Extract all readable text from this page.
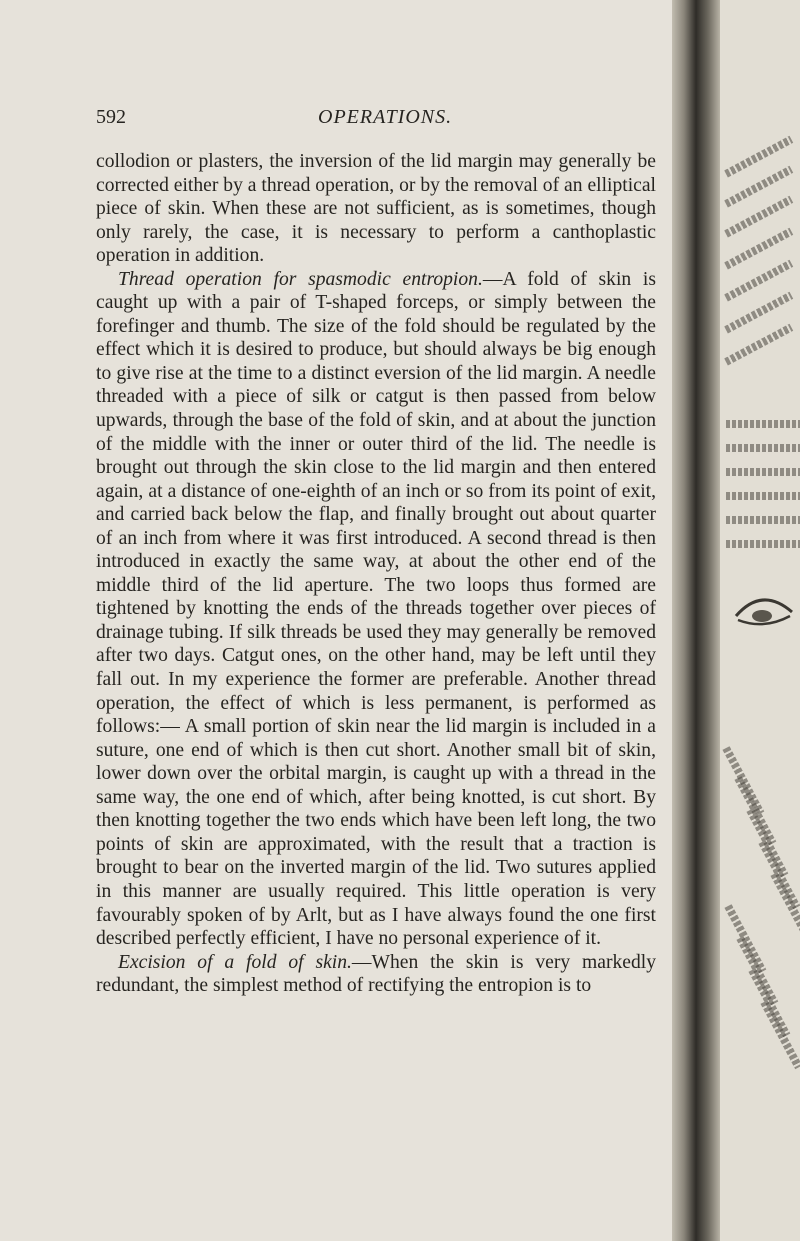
592	OPERATIONS.

collodion or plasters, the inversion of the lid margin may generally be corrected either by a thread operation, or by the removal of an elliptical piece of skin. When these are not sufficient, as is sometimes, though only rarely, the case, it is necessary to perform a canthoplastic operation in addition.

Thread operation for spasmodic entropion.—A fold of skin is caught up with a pair of T-shaped forceps, or simply between the forefinger and thumb. The size of the fold should be regulated by the effect which it is desired to produce, but should always be big enough to give rise at the time to a distinct eversion of the lid margin. A needle threaded with a piece of silk or catgut is then passed from below upwards, through the base of the fold of skin, and at about the junction of the middle with the inner or outer third of the lid. The needle is brought out through the skin close to the lid margin and then entered again, at a distance of one-eighth of an inch or so from its point of exit, and carried back below the flap, and finally brought out about quarter of an inch from where it was first introduced. A second thread is then introduced in exactly the same way, at about the other end of the middle third of the lid aperture. The two loops thus formed are tightened by knotting the ends of the threads together over pieces of drainage tubing. If silk threads be used they may generally be removed after two days. Catgut ones, on the other hand, may be left until they fall out. In my experience the former are preferable. Another thread operation, the effect of which is less permanent, is performed as follows:— A small portion of skin near the lid margin is included in a suture, one end of which is then cut short. Another small bit of skin, lower down over the orbital margin, is caught up with a thread in the same way, the one end of which, after being knotted, is cut short. By then knotting together the two ends which have been left long, the two points of skin are approximated, with the result that a traction is brought to bear on the inverted margin of the lid. Two sutures applied in this manner are usually required. This little operation is very favourably spoken of by Arlt, but as I have always found the one first described perfectly efficient, I have no personal experience of it.

Excision of a fold of skin.—When the skin is very markedly redundant, the simplest method of rectifying the entropion is to
